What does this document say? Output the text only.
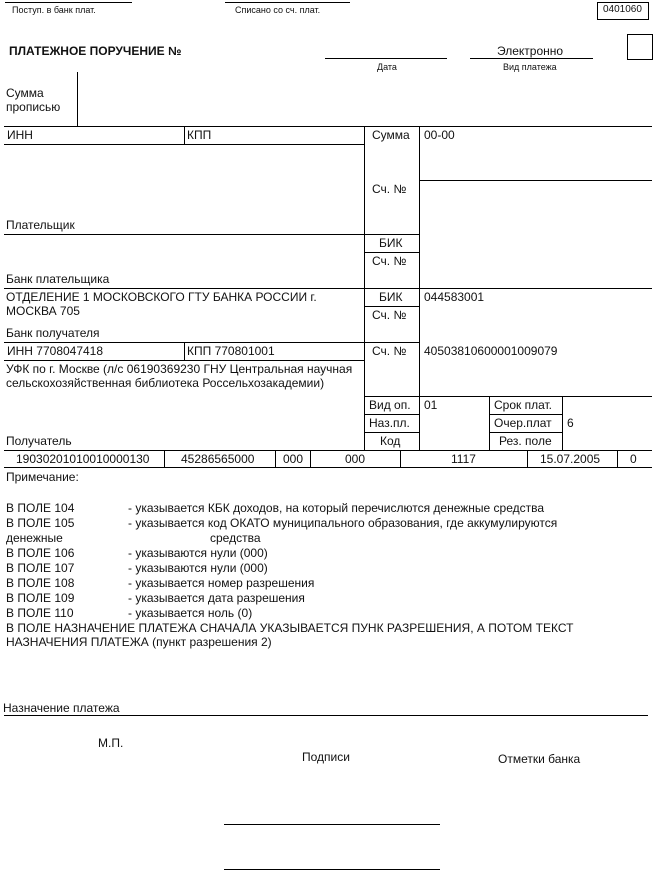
Поступ. в банк плат.	Списано со сч. плат.	0401060
ПЛАТЕЖНОЕ ПОРУЧЕНИЕ №
Дата
Электронно
Вид платежа
Сумма
прописью
ИНН	КПП	Сумма 00-00
Сч. №
Плательщик
БИК
Сч. №
Банк плательщика
ОТДЕЛЕНИЕ 1 МОСКОВСКОГО ГТУ БАНКА РОССИИ г. МОСКВА 705
БИК 044583001
Сч. №
Банк получателя
ИНН 7708047418	КПП 770801001	Сч. № 40503810600001009079
УФК по г. Москве (л/с 06190369230 ГНУ Центральная научная сельскохозяйственная библиотека Россельхозакадемии)
Получатель
Вид оп. 01	Срок плат.
Наз.пл.	Очер.плат 6
Код	Рез. поле
19030201010010000130	45286565000 000	000	1117	15.07.2005 0
Примечание:
В ПОЛЕ 104	- указывается КБК доходов, на который перечислются денежные средства
В ПОЛЕ 105	- указывается код ОКАТО муниципального образования, где аккумулируются
денежные	средства
В ПОЛЕ 106	- указываются нули (000)
В ПОЛЕ 107	- указываются нули (000)
В ПОЛЕ 108	- указывается номер разрешения
В ПОЛЕ 109	- указывается дата разрешения
В ПОЛЕ 110	- указывается ноль (0)
В ПОЛЕ НАЗНАЧЕНИЕ ПЛАТЕЖА СНАЧАЛА УКАЗЫВАЕТСЯ ПУНК РАЗРЕШЕНИЯ, А ПОТОМ ТЕКСТ НАЗНАЧЕНИЯ ПЛАТЕЖА (пункт разрешения 2)
Назначение платежа
М.П.
Подписи	Отметки банка
